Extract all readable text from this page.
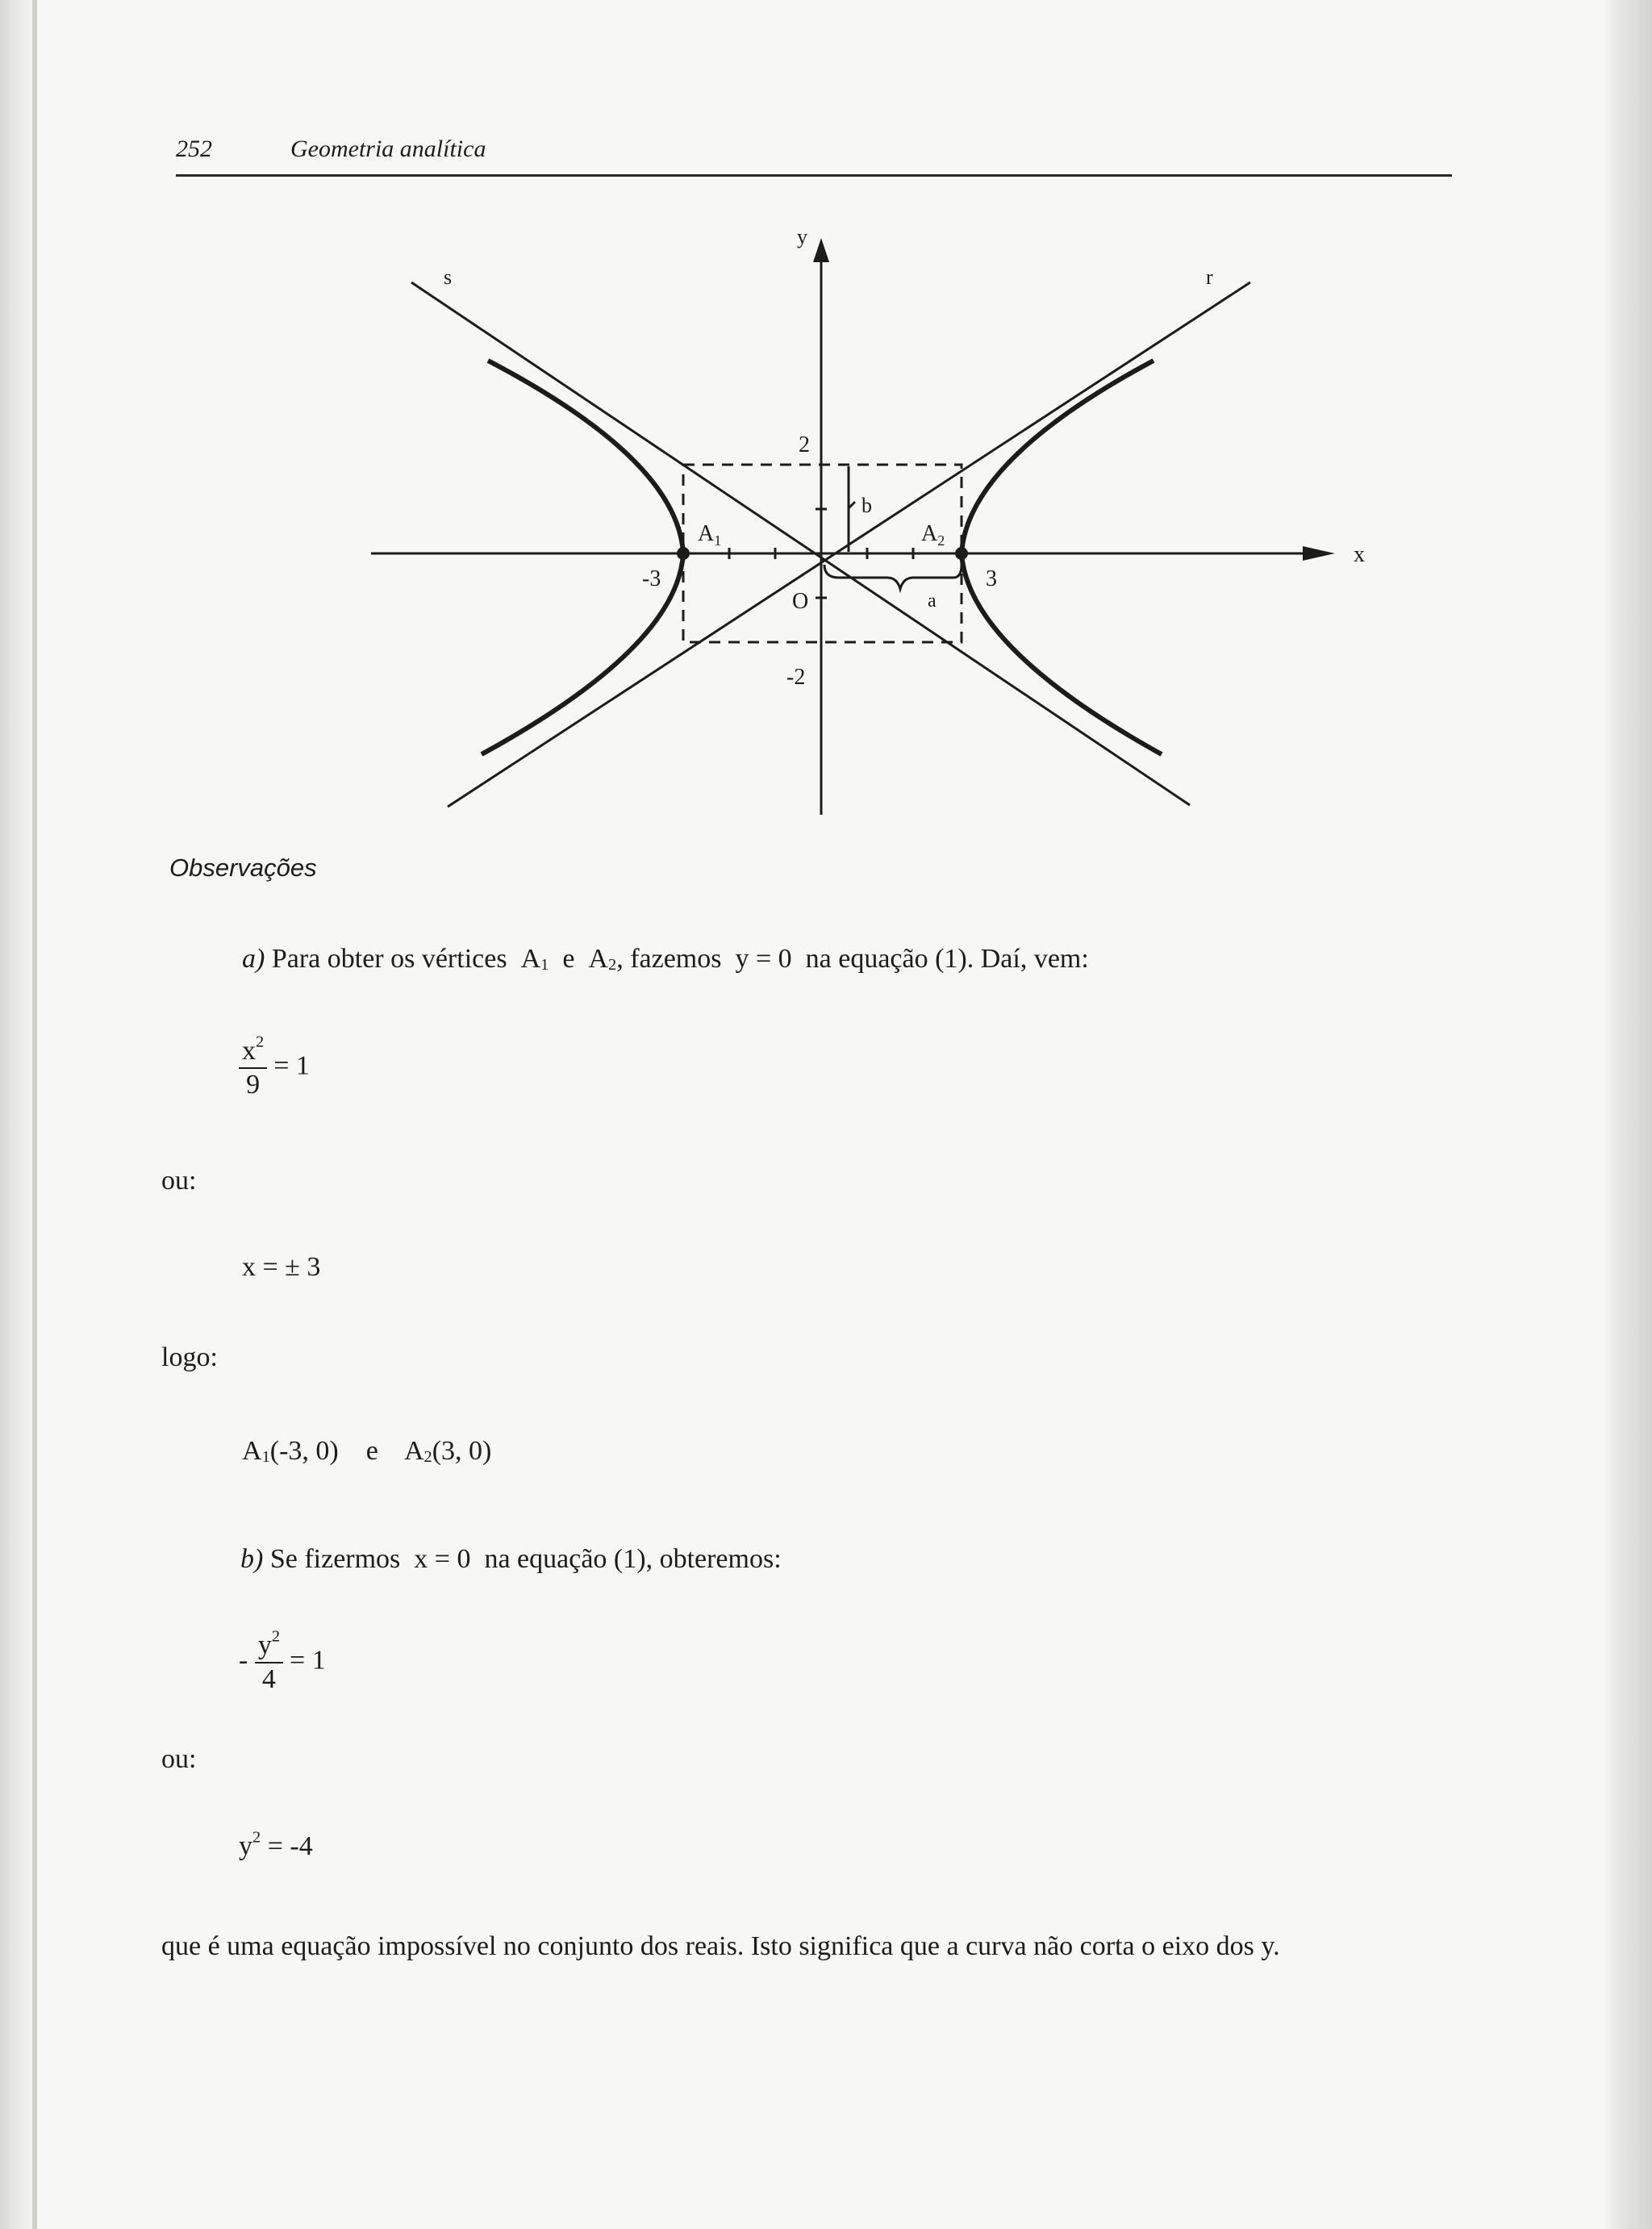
252	Geometria analítica
y
x
s	r
2
-2
-3	3
O
$A_1$	$A_2$
b
a
Observações
a) Para obter os vértices $A_1$ e $A_2$, fazemos y = 0 na equação (1). Daí, vem:
$\frac{x^2}{9} = 1$
ou:
x = ± 3
logo:
$A_1(-3$, 0) e $A_2(3$, 0)
b) Se fizermos x = 0 na equação (1), obteremos:
- $\frac{y^2}{4} = 1$
ou:
$y^2 = -4$
que é uma equação impossível no conjunto dos reais. Isto significa que a curva não corta o eixo dos y.
